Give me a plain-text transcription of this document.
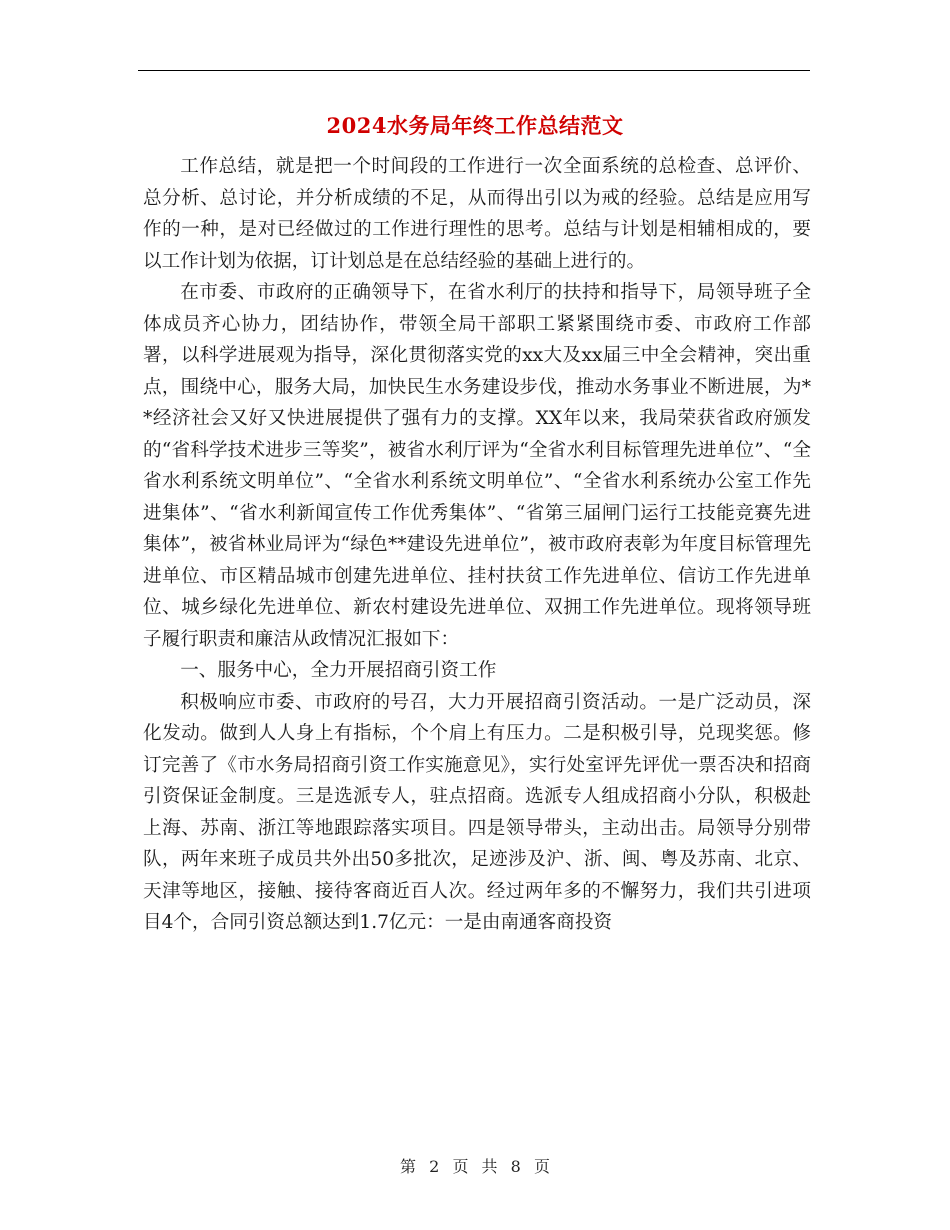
2024水务局年终工作总结范文

工作总结，就是把一个时间段的工作进行一次全面系统的总检查、总评价、总分析、总讨论，并分析成绩的不足，从而得出引以为戒的经验。总结是应用写作的一种，是对已经做过的工作进行理性的思考。总结与计划是相辅相成的，要以工作计划为依据，订计划总是在总结经验的基础上进行的。

在市委、市政府的正确领导下，在省水利厅的扶持和指导下，局领导班子全体成员齐心协力，团结协作，带领全局干部职工紧紧围绕市委、市政府工作部署，以科学进展观为指导，深化贯彻落实党的xx大及xx届三中全会精神，突出重点，围绕中心，服务大局，加快民生水务建设步伐，推动水务事业不断进展，为**经济社会又好又快进展提供了强有力的支撑。XX年以来，我局荣获省政府颁发的“省科学技术进步三等奖”，被省水利厅评为“全省水利目标管理先进单位”、“全省水利系统文明单位”、“全省水利系统文明单位”、“全省水利系统办公室工作先进集体”、“省水利新闻宣传工作优秀集体”、“省第三届闸门运行工技能竞赛先进集体”，被省林业局评为“绿色**建设先进单位”，被市政府表彰为年度目标管理先进单位、市区精品城市创建先进单位、挂村扶贫工作先进单位、信访工作先进单位、城乡绿化先进单位、新农村建设先进单位、双拥工作先进单位。现将领导班子履行职责和廉洁从政情况汇报如下：

一、服务中心，全力开展招商引资工作

积极响应市委、市政府的号召，大力开展招商引资活动。一是广泛动员，深化发动。做到人人身上有指标，个个肩上有压力。二是积极引导，兑现奖惩。修订完善了《市水务局招商引资工作实施意见》，实行处室评先评优一票否决和招商引资保证金制度。三是选派专人，驻点招商。选派专人组成招商小分队，积极赴上海、苏南、浙江等地跟踪落实项目。四是领导带头，主动出击。局领导分别带队，两年来班子成员共外出50多批次，足迹涉及沪、浙、闽、粤及苏南、北京、天津等地区，接触、接待客商近百人次。经过两年多的不懈努力，我们共引进项目4个，合同引资总额达到1.7亿元：一是由南通客商投资

第 2 页 共 8 页
